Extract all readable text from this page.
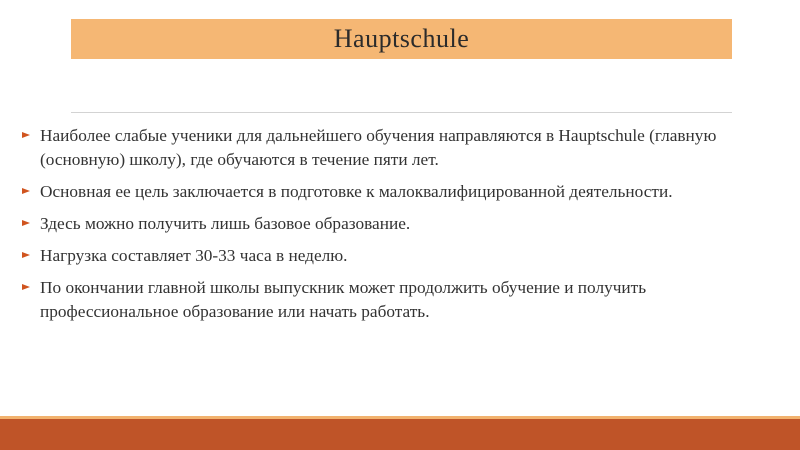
Hauptschule
Наиболее слабые ученики для дальнейшего обучения направляются в Hauptschule (главную (основную) школу), где обучаются в течение пяти лет.
Основная ее цель заключается в подготовке к малоквалифицированной деятельности.
Здесь можно получить лишь базовое образование.
Нагрузка составляет 30-33 часа в неделю.
По окончании главной школы выпускник может продолжить обучение и получить профессиональное образование или начать работать.
